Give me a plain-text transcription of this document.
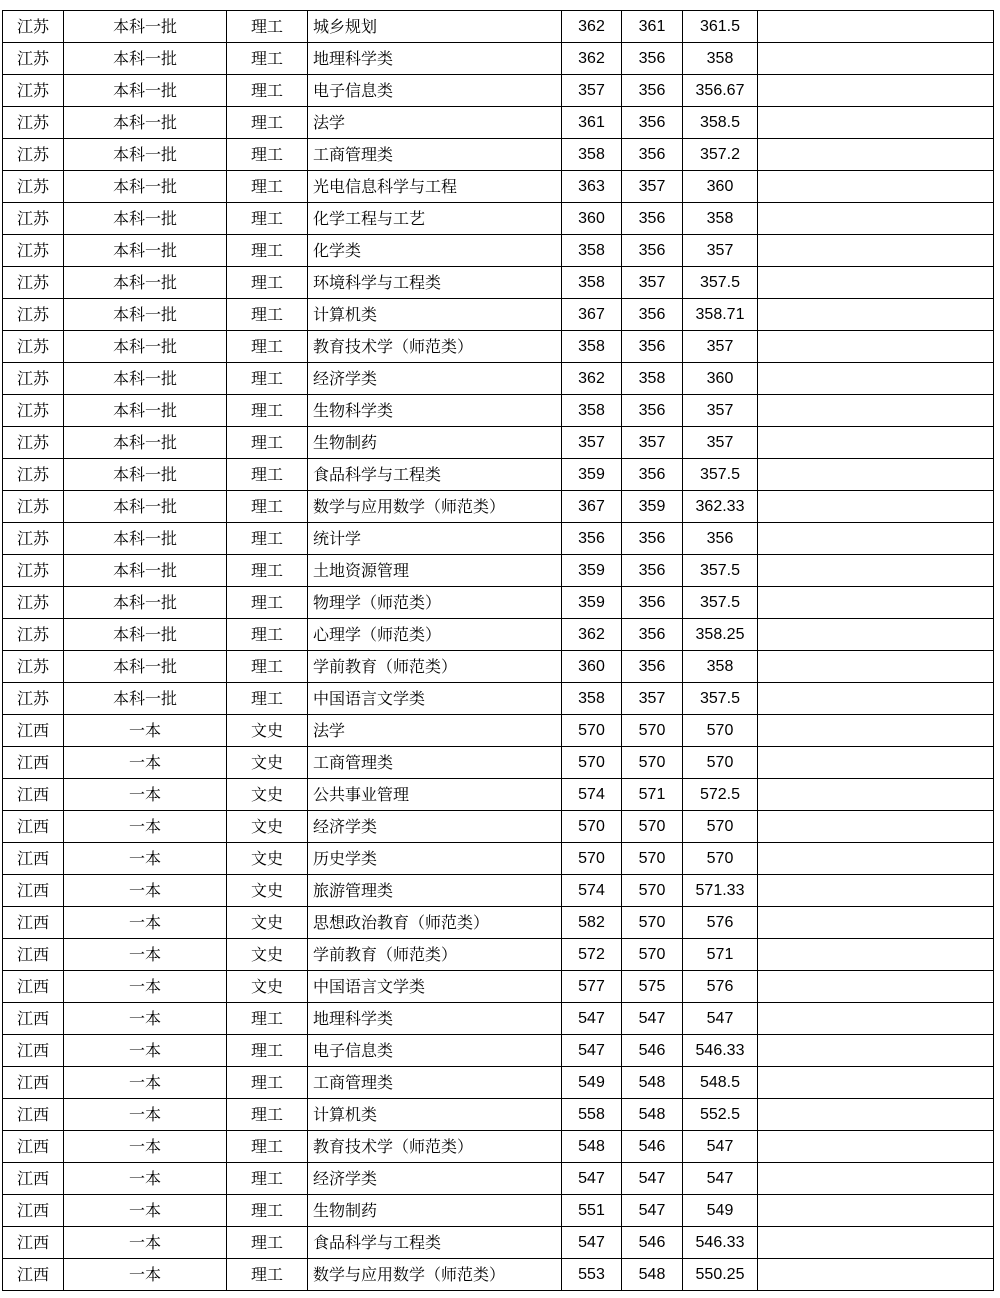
江苏	本科一批	理工	城乡规划	362	361	361.5	
江苏	本科一批	理工	地理科学类	362	356	358	
江苏	本科一批	理工	电子信息类	357	356	356.67	
江苏	本科一批	理工	法学	361	356	358.5	
江苏	本科一批	理工	工商管理类	358	356	357.2	
江苏	本科一批	理工	光电信息科学与工程	363	357	360	
江苏	本科一批	理工	化学工程与工艺	360	356	358	
江苏	本科一批	理工	化学类	358	356	357	
江苏	本科一批	理工	环境科学与工程类	358	357	357.5	
江苏	本科一批	理工	计算机类	367	356	358.71	
江苏	本科一批	理工	教育技术学（师范类）	358	356	357	
江苏	本科一批	理工	经济学类	362	358	360	
江苏	本科一批	理工	生物科学类	358	356	357	
江苏	本科一批	理工	生物制药	357	357	357	
江苏	本科一批	理工	食品科学与工程类	359	356	357.5	
江苏	本科一批	理工	数学与应用数学（师范类）	367	359	362.33	
江苏	本科一批	理工	统计学	356	356	356	
江苏	本科一批	理工	土地资源管理	359	356	357.5	
江苏	本科一批	理工	物理学（师范类）	359	356	357.5	
江苏	本科一批	理工	心理学（师范类）	362	356	358.25	
江苏	本科一批	理工	学前教育（师范类）	360	356	358	
江苏	本科一批	理工	中国语言文学类	358	357	357.5	
江西	一本	文史	法学	570	570	570	
江西	一本	文史	工商管理类	570	570	570	
江西	一本	文史	公共事业管理	574	571	572.5	
江西	一本	文史	经济学类	570	570	570	
江西	一本	文史	历史学类	570	570	570	
江西	一本	文史	旅游管理类	574	570	571.33	
江西	一本	文史	思想政治教育（师范类）	582	570	576	
江西	一本	文史	学前教育（师范类）	572	570	571	
江西	一本	文史	中国语言文学类	577	575	576	
江西	一本	理工	地理科学类	547	547	547	
江西	一本	理工	电子信息类	547	546	546.33	
江西	一本	理工	工商管理类	549	548	548.5	
江西	一本	理工	计算机类	558	548	552.5	
江西	一本	理工	教育技术学（师范类）	548	546	547	
江西	一本	理工	经济学类	547	547	547	
江西	一本	理工	生物制药	551	547	549	
江西	一本	理工	食品科学与工程类	547	546	546.33	
江西	一本	理工	数学与应用数学（师范类）	553	548	550.25	
